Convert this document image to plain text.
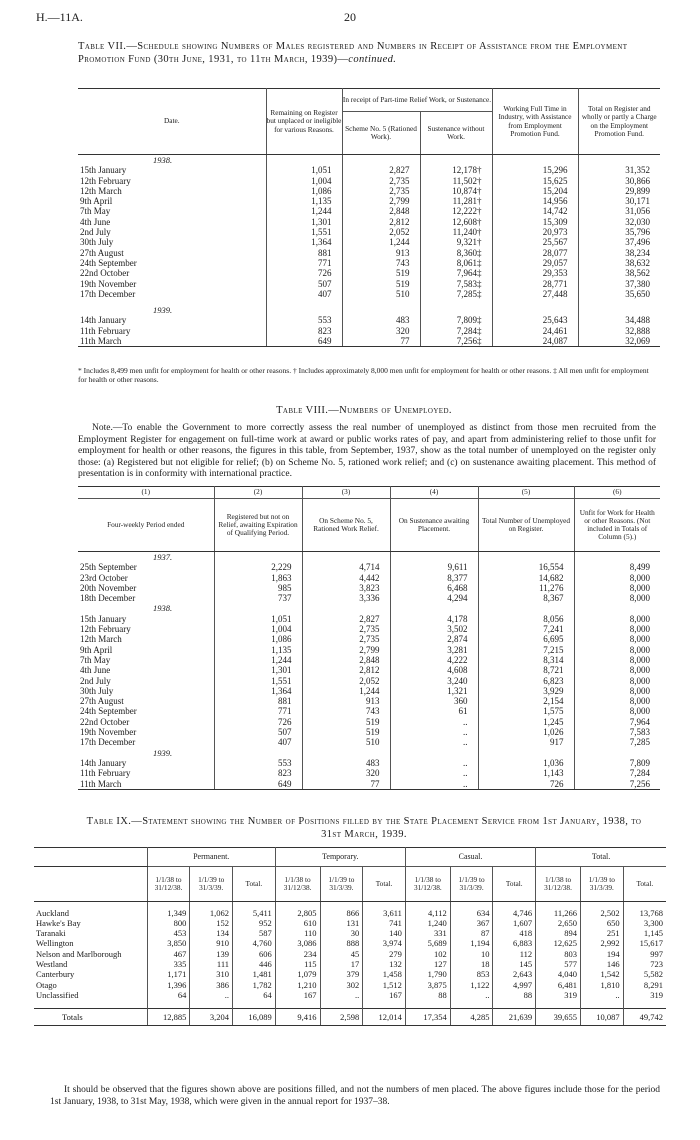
H.—11A.	20
Table VII.—Schedule showing Numbers of Males registered and Numbers in Receipt of Assistance from the Employment Promotion Fund (30th June, 1931, to 11th March, 1939)—continued.
Date.	Remaining on Register but unplaced or ineligible for various Reasons.	In receipt of Part-time Relief Work, or Sustenance.		Working Full Time in Industry, with Assistance from Employment Promotion Fund.	Total on Register and wholly or partly a Charge on the Employment Promotion Fund.
		Scheme No. 5 (Rationed Work).	Sustenance without Work.		
1938.					
15th January	1,051	2,827	12,178†	15,296	31,352
12th February	1,004	2,735	11,502†	15,625	30,866
12th March	1,086	2,735	10,874†	15,204	29,899
9th April	1,135	2,799	11,281†	14,956	30,171
7th May	1,244	2,848	12,222†	14,742	31,056
4th June	1,301	2,812	12,608†	15,309	32,030
2nd July	1,551	2,052	11,240†	20,973	35,796
30th July	1,364	1,244	9,321†	25,567	37,496
27th August	881	913	8,360‡	28,077	38,234
24th September	771	743	8,061‡	29,057	38,632
22nd October	726	519	7,964‡	29,353	38,562
19th November	507	519	7,583‡	28,771	37,380
17th December	407	510	7,285‡	27,448	35,650

1939.					
14th January	553	483	7,809‡	25,643	34,488
11th February	823	320	7,284‡	24,461	32,888
11th March	649	77	7,256‡	24,087	32,069
* Includes 8,499 men unfit for employment for health or other reasons. † Includes approximately 8,000 men unfit for employment for health or other reasons. ‡ All men unfit for employment for health or other reasons.
Table VIII.—Numbers of Unemployed.
Note.—To enable the Government to more correctly assess the real number of unemployed as distinct from those men recruited from the Employment Register for engagement on full-time work at award or public works rates of pay, and apart from administering relief to those unfit for employment for health or other reasons, the figures in this table, from September, 1937, show as the total number of unemployed on the register only those: (a) Registered but not eligible for relief; (b) on Scheme No. 5, rationed work relief; and (c) on sustenance awaiting placement. This method of presentation is in conformity with international practice.
(1)	(2)	(3)	(4)	(5)	(6)
Four-weekly Period ended	Registered but not on Relief, awaiting Expiration of Qualifying Period.	On Scheme No. 5, Rationed Work Relief.	On Sustenance awaiting Placement.	Total Number of Unemployed on Register.	Unfit for Work for Health or other Reasons. (Not included in Totals of Column (5).)
1937.					
25th September	2,229	4,714	9,611	16,554	8,499
23rd October	1,863	4,442	8,377	14,682	8,000
20th November	985	3,823	6,468	11,276	8,000
18th December	737	3,336	4,294	8,367	8,000
1938.					
15th January	1,051	2,827	4,178	8,056	8,000
12th February	1,004	2,735	3,502	7,241	8,000
12th March	1,086	2,735	2,874	6,695	8,000
9th April	1,135	2,799	3,281	7,215	8,000
7th May	1,244	2,848	4,222	8,314	8,000
4th June	1,301	2,812	4,608	8,721	8,000
2nd July	1,551	2,052	3,240	6,823	8,000
30th July	1,364	1,244	1,321	3,929	8,000
27th August	881	913	360	2,154	8,000
24th September	771	743	61	1,575	8,000
22nd October	726	519	..	1,245	7,964
19th November	507	519	..	1,026	7,583
17th December	407	510	..	917	7,285
1939.					
14th January	553	483	..	1,036	7,809
11th February	823	320	..	1,143	7,284
11th March	649	77	..	726	7,256
Table IX.—Statement showing the Number of Positions filled by the State Placement Service from 1st January, 1938, to 31st March, 1939.
	Permanent.			Temporary.			Casual.			Total.		
	1/1/38 to 31/12/38.	1/1/39 to 31/3/39.	Total.	1/1/38 to 31/12/38.	1/1/39 to 31/3/39.	Total.	1/1/38 to 31/12/38.	1/1/39 to 31/3/39.	Total.	1/1/38 to 31/12/38.	1/1/39 to 31/3/39.	Total.

Auckland	1,349	1,062	5,411	2,805	866	3,611	4,112	634	4,746	11,266	2,502	13,768
Hawke's Bay	800	152	952	610	131	741	1,240	367	1,607	2,650	650	3,300
Taranaki	453	134	587	110	30	140	331	87	418	894	251	1,145
Wellington	3,850	910	4,760	3,086	888	3,974	5,689	1,194	6,883	12,625	2,992	15,617
Nelson and Marlborough	467	139	606	234	45	279	102	10	112	803	194	997
Westland	335	111	446	115	17	132	127	18	145	577	146	723
Canterbury	1,171	310	1,481	1,079	379	1,458	1,790	853	2,643	4,040	1,542	5,582
Otago	1,396	386	1,782	1,210	302	1,512	3,875	1,122	4,997	6,481	1,810	8,291
Unclassified	64	..	64	167	..	167	88	..	88	319	..	319

Totals	12,885	3,204	16,089	9,416	2,598	12,014	17,354	4,285	21,639	39,655	10,087	49,742
It should be observed that the figures shown above are positions filled, and not the numbers of men placed. The above figures include those for the period 1st January, 1938, to 31st May, 1938, which were given in the annual report for 1937–38.
